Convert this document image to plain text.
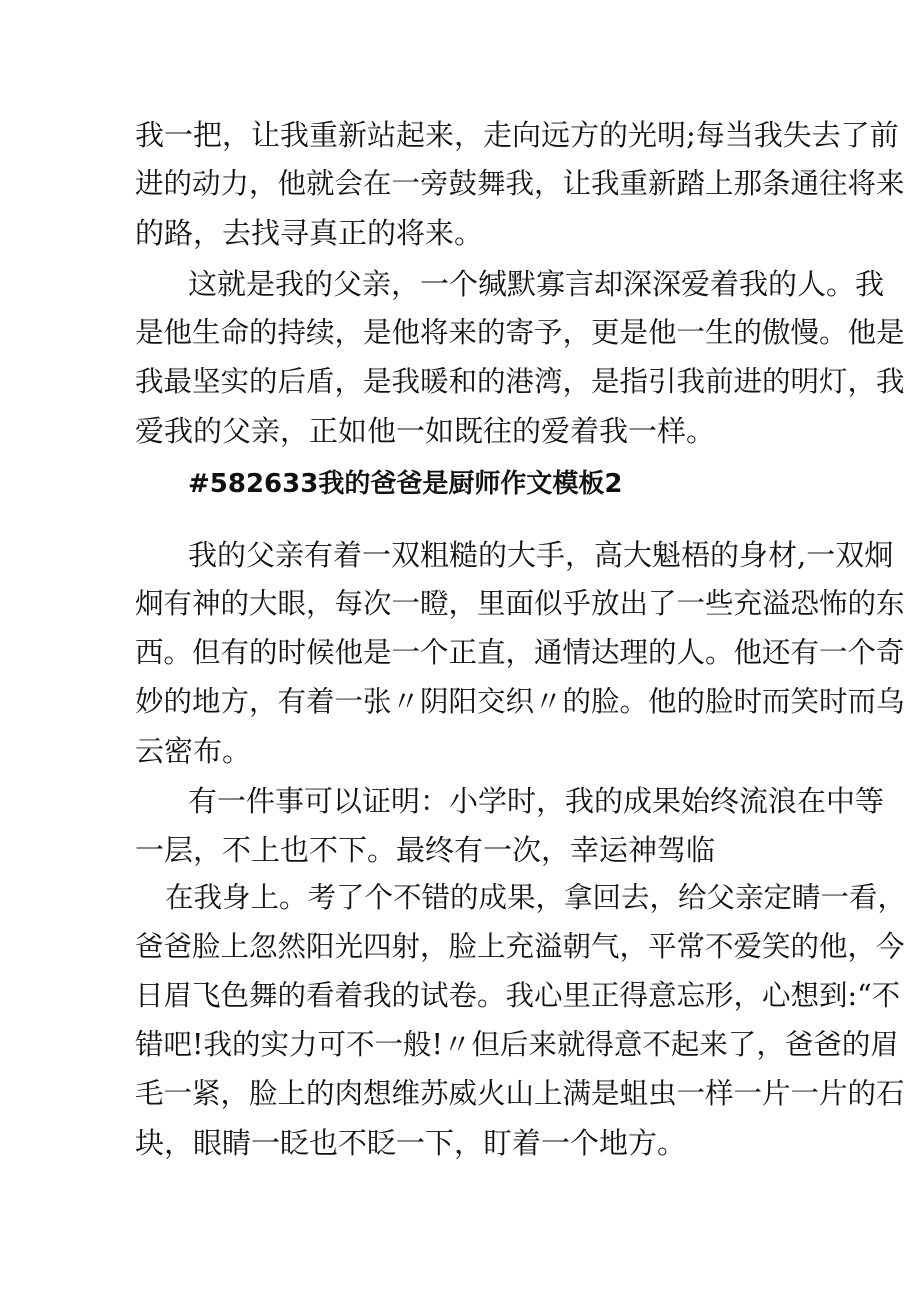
我一把，让我重新站起来，走向远方的光明;每当我失去了前

进的动力，他就会在一旁鼓舞我，让我重新踏上那条通往将来

的路，去找寻真正的将来。

这就是我的父亲，一个缄默寡言却深深爱着我的人。我

是他生命的持续，是他将来的寄予，更是他一生的傲慢。他是

我最坚实的后盾，是我暖和的港湾，是指引我前进的明灯，我

爱我的父亲，正如他一如既往的爱着我一样。

#582633我的爸爸是厨师作文模板2

我的父亲有着一双粗糙的大手，高大魁梧的身材,一双炯

炯有神的大眼，每次一瞪，里面似乎放出了一些充溢恐怖的东

西。但有的时候他是一个正直，通情达理的人。他还有一个奇

妙的地方，有着一张〃阴阳交织〃的脸。他的脸时而笑时而乌

云密布。

有一件事可以证明：小学时，我的成果始终流浪在中等

一层，不上也不下。最终有一次，幸运神驾临

在我身上。考了个不错的成果，拿回去，给父亲定睛一看，

爸爸脸上忽然阳光四射，脸上充溢朝气，平常不爱笑的他，今

日眉飞色舞的看着我的试卷。我心里正得意忘形，心想到:“不

错吧!我的实力可不一般!〃但后来就得意不起来了，爸爸的眉

毛一紧，脸上的肉想维苏威火山上满是蛆虫一样一片一片的石

块，眼睛一眨也不眨一下，盯着一个地方。
